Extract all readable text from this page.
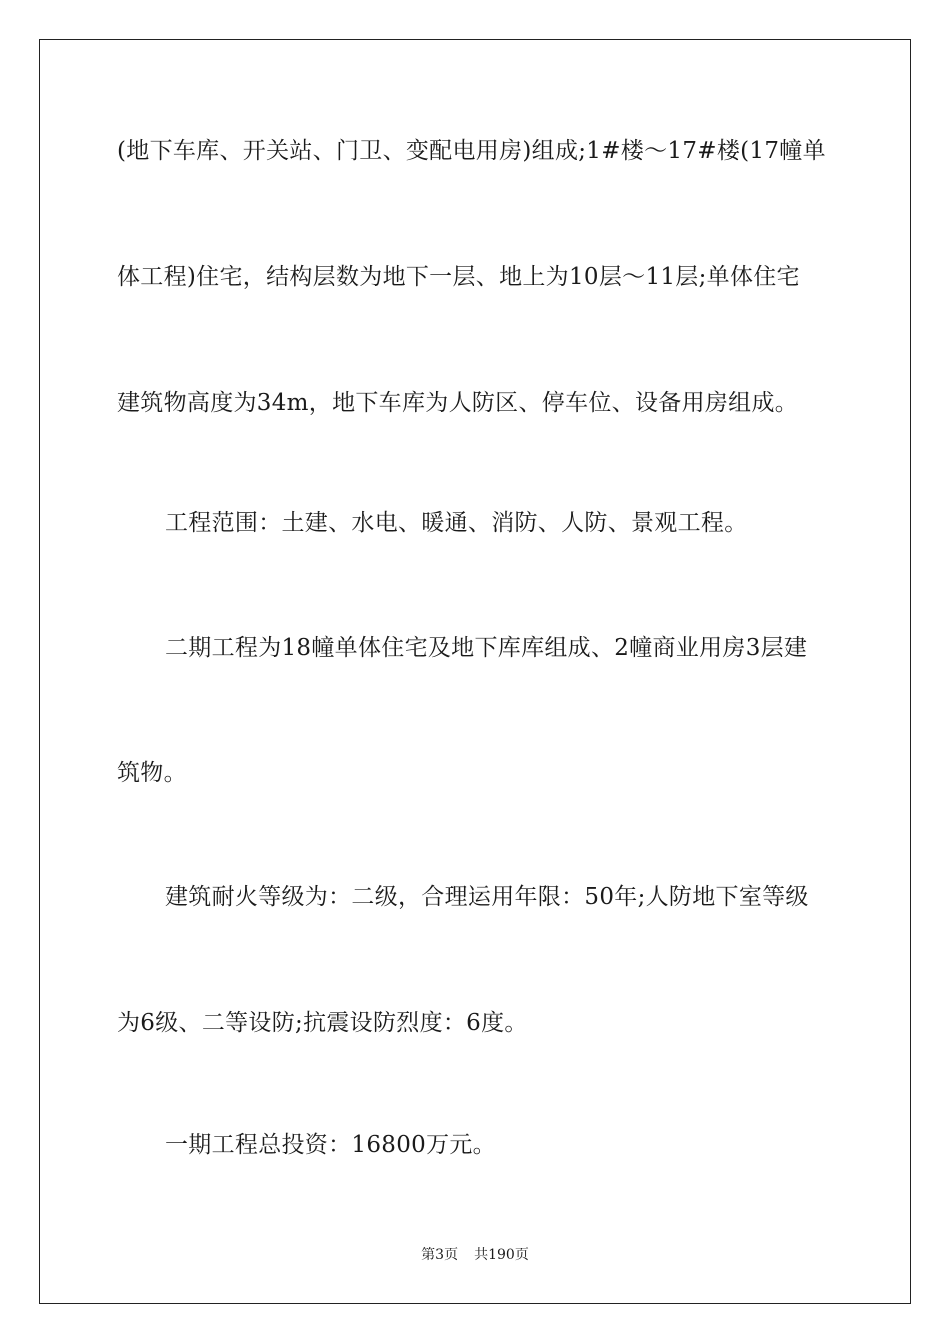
(地下车库、开关站、门卫、变配电用房)组成;1#楼～17#楼(17幢单
体工程)住宅，结构层数为地下一层、地上为10层～11层;单体住宅
建筑物高度为34m，地下车库为人防区、停车位、设备用房组成。
工程范围：土建、水电、暖通、消防、人防、景观工程。
二期工程为18幢单体住宅及地下库库组成、2幢商业用房3层建
筑物。
建筑耐火等级为：二级，合理运用年限：50年;人防地下室等级
为6级、二等设防;抗震设防烈度：6度。
一期工程总投资：16800万元。
第3页 共190页
